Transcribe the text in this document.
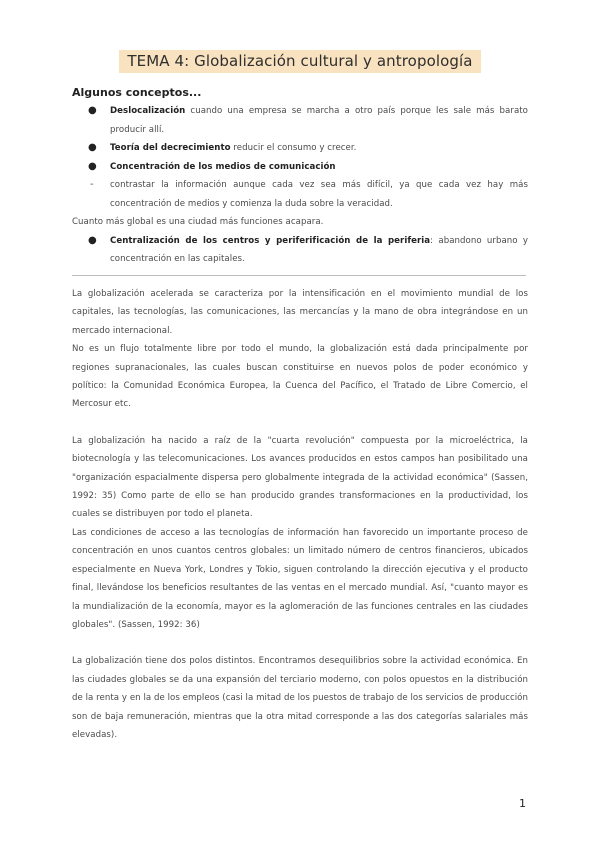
TEMA 4: Globalización cultural y antropología
Algunos conceptos...
● Deslocalización cuando una empresa se marcha a otro país porque les sale más barato producir allí.
● Teoría del decrecimiento reducir el consumo y crecer.
● Concentración de los medios de comunicación
- contrastar la información aunque cada vez sea más difícil, ya que cada vez hay más concentración de medios y comienza la duda sobre la veracidad.

Cuanto más global es una ciudad más funciones acapara.

● Centralización de los centros y periferificación de la periferia: abandono urbano y concentración en las capitales.

La globalización acelerada se caracteriza por la intensificación en el movimiento mundial de los capitales, las tecnologías, las comunicaciones, las mercancías y la mano de obra integrándose en un mercado internacional.

No es un flujo totalmente libre por todo el mundo, la globalización está dada principalmente por regiones supranacionales, las cuales buscan constituirse en nuevos polos de poder económico y político: la Comunidad Económica Europea, la Cuenca del Pacífico, el Tratado de Libre Comercio, el Mercosur etc.

La globalización ha nacido a raíz de la "cuarta revolución" compuesta por la microeléctrica, la biotecnología y las telecomunicaciones. Los avances producidos en estos campos han posibilitado una "organización espacialmente dispersa pero globalmente integrada de la actividad económica" (Sassen, 1992: 35) Como parte de ello se han producido grandes transformaciones en la productividad, los cuales se distribuyen por todo el planeta.

Las condiciones de acceso a las tecnologías de información han favorecido un importante proceso de concentración en unos cuantos centros globales: un limitado número de centros financieros, ubicados especialmente en Nueva York, Londres y Tokio, siguen controlando la dirección ejecutiva y el producto final, llevándose los beneficios resultantes de las ventas en el mercado mundial. Así, "cuanto mayor es la mundialización de la economía, mayor es la aglomeración de las funciones centrales en las ciudades globales". (Sassen, 1992: 36)

La globalización tiene dos polos distintos. Encontramos desequilibrios sobre la actividad económica. En las ciudades globales se da una expansión del terciario moderno, con polos opuestos en la distribución de la renta y en la de los empleos (casi la mitad de los puestos de trabajo de los servicios de producción son de baja remuneración, mientras que la otra mitad corresponde a las dos categorías salariales más elevadas).

1
